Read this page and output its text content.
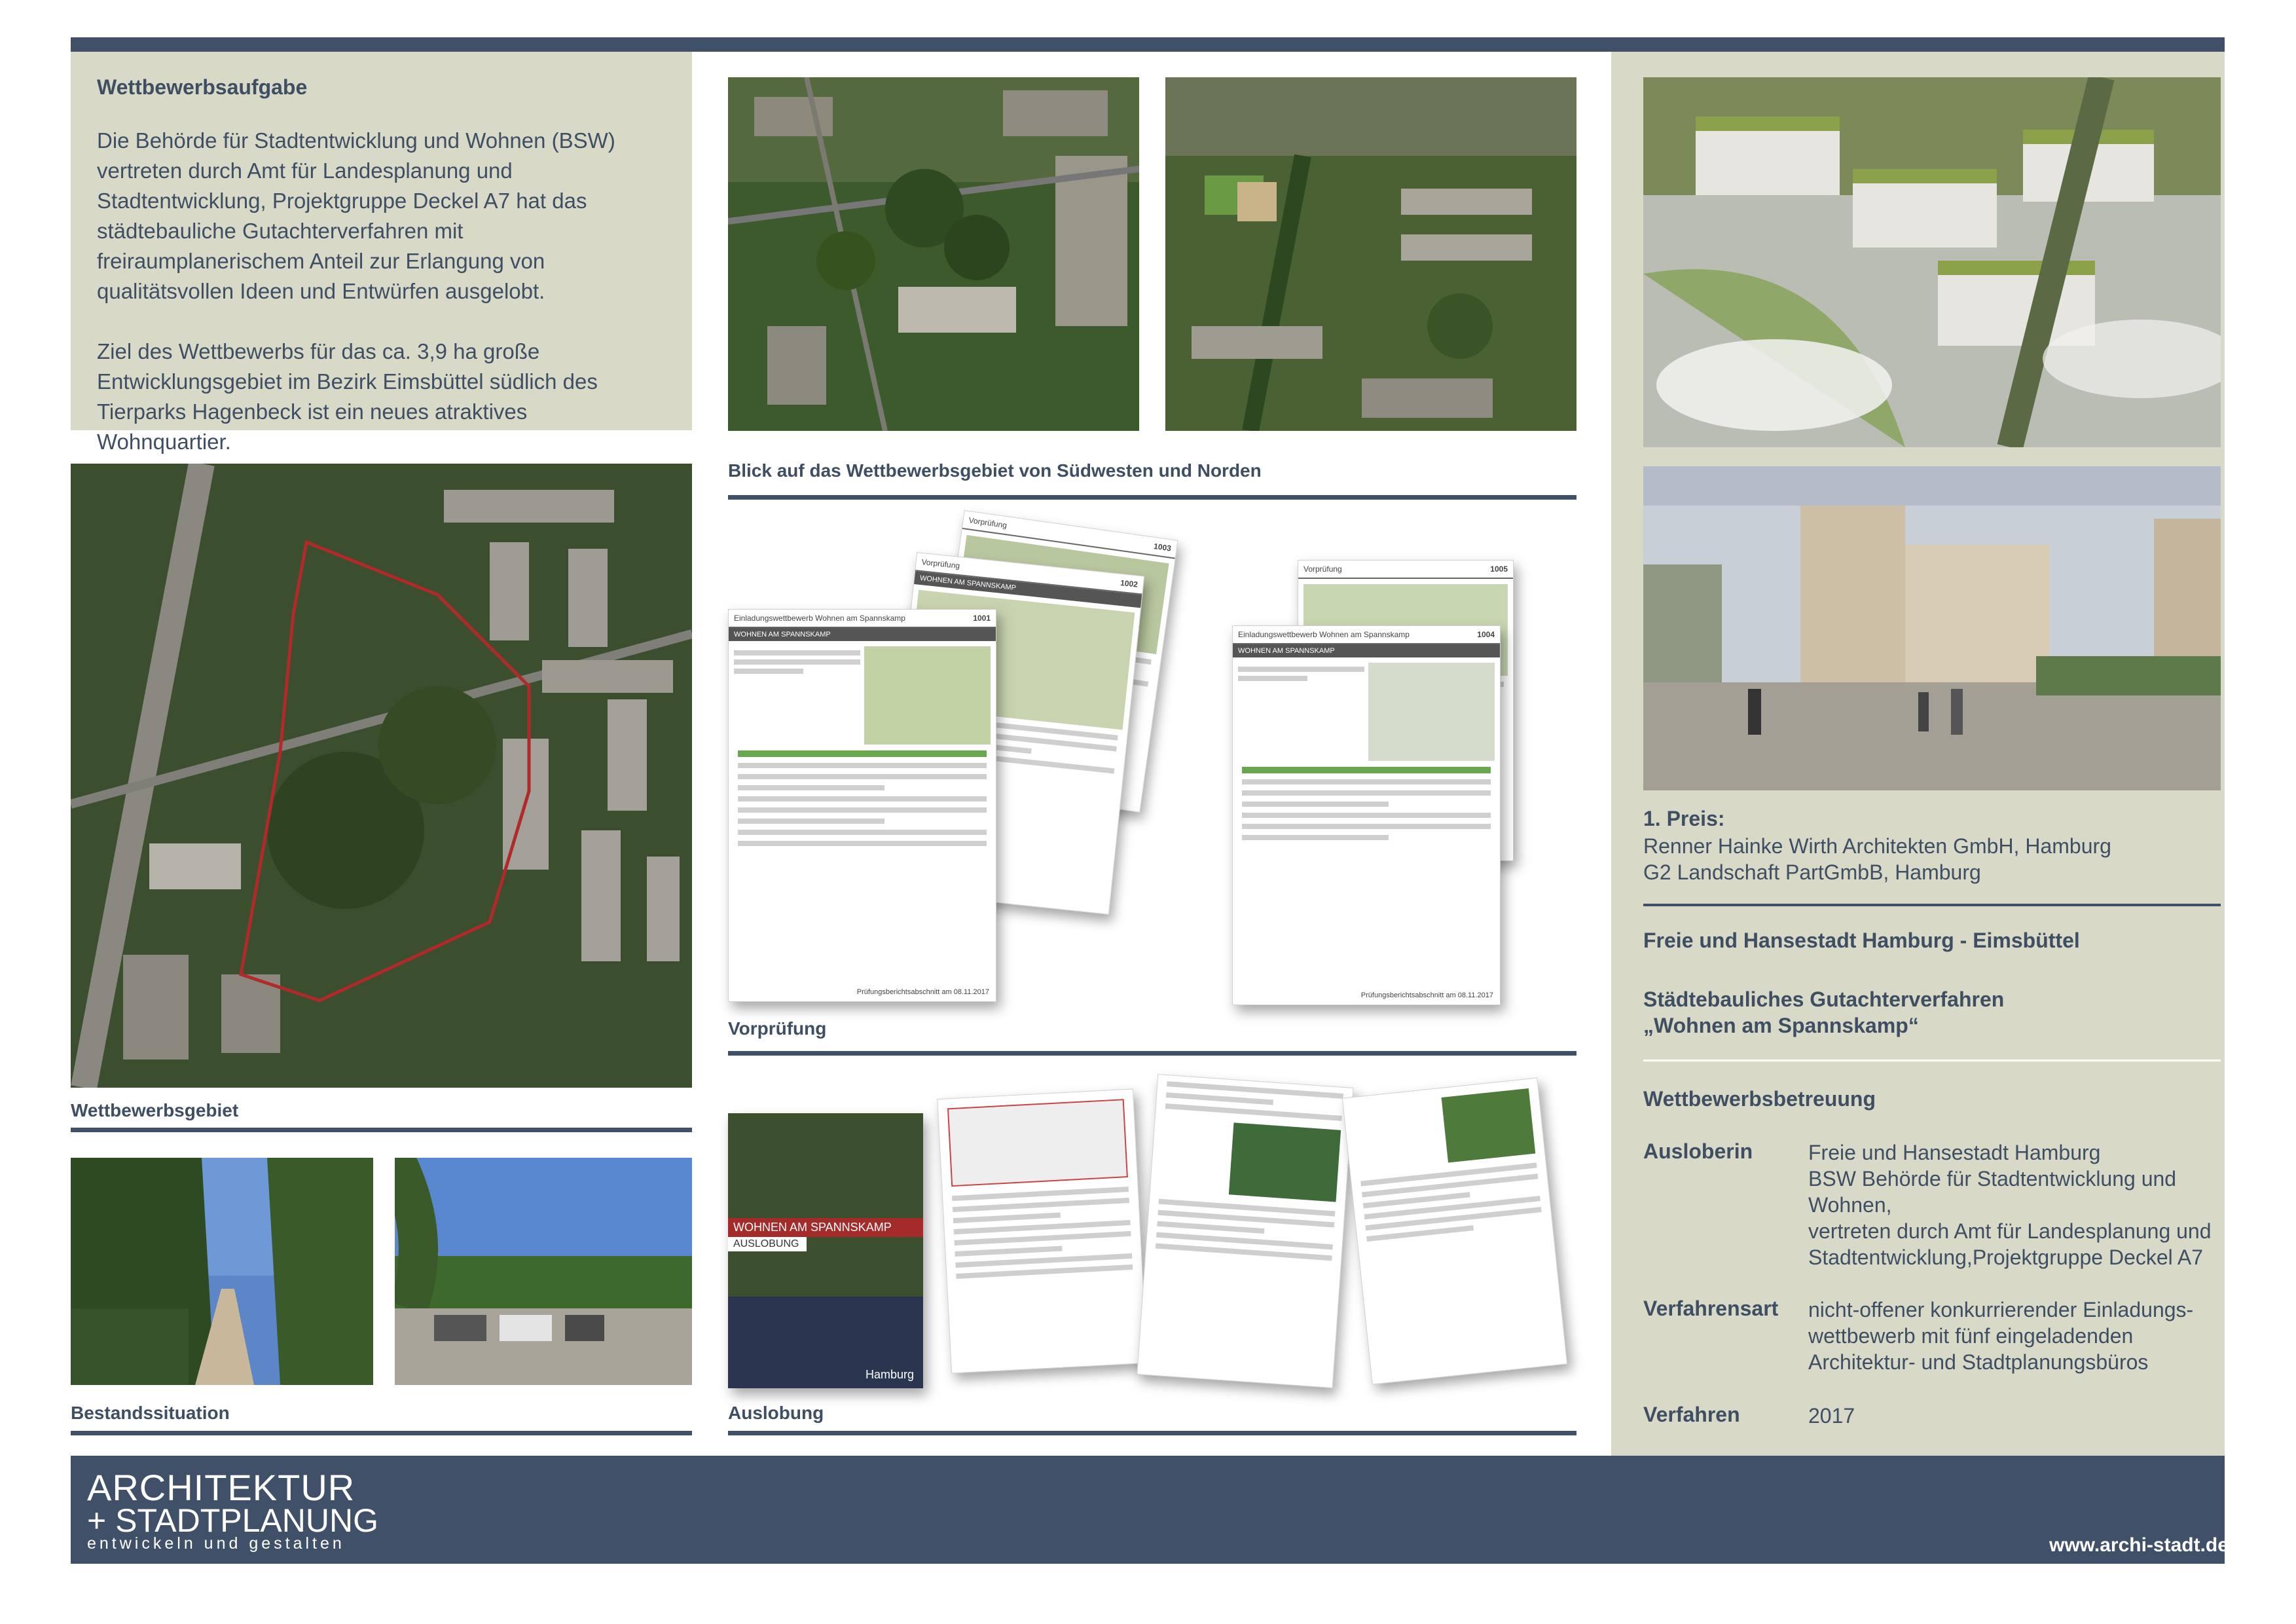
Wettbewerbsaufgabe
Die Behörde für Stadtentwicklung und Wohnen (BSW) vertreten durch Amt für Landesplanung und Stadtentwicklung, Projektgruppe Deckel A7 hat das städtebauliche Gutachterverfahren mit freiraumplanerischem Anteil zur Erlangung von qualitätsvollen Ideen und Entwürfen ausgelobt.
Ziel des Wettbewerbs für das ca. 3,9 ha große Entwicklungsgebiet im Bezirk Eimsbüttel südlich des Tierparks Hagenbeck ist ein neues atraktives Wohnquartier.
Blick auf das Wettbewerbsgebiet von Südwesten und Norden
Wettbewerbsgebiet
Vorprüfung
1003
Vorprüfung
1002
WOHNEN AM SPANNSKAMP
Einladungswettbewerb Wohnen am Spannskamp	1001
WOHNEN AM SPANNSKAMP
Prüfungsberichtsabschnitt am 08.11.2017
Vorprüfung	1005
Einladungswettbewerb Wohnen am Spannskamp	1004
WOHNEN AM SPANNSKAMP
Prüfungsberichtsabschnitt am 08.11.2017
Vorprüfung
Bestandssituation
WOHNEN AM SPANNSKAMP
AUSLOBUNG
Hamburg
Auslobung
1. Preis:
Renner Hainke Wirth Architekten GmbH, Hamburg
G2 Landschaft PartGmbB, Hamburg
Freie und Hansestadt Hamburg - Eimsbüttel
Städtebauliches Gutachterverfahren
„Wohnen am Spannskamp“
Wettbewerbsbetreuung
Ausloberin	Freie und Hansestadt Hamburg
BSW Behörde für Stadtentwicklung und
Wohnen,
vertreten durch Amt für Landesplanung und
Stadtentwicklung,Projektgruppe Deckel A7
Verfahrensart nicht-offener konkurrierender Einladungs-
wettbewerb mit fünf eingeladenden
Architektur- und Stadtplanungsbüros
Verfahren	2017
ARCHITEKTUR
+ STADTPLANUNG
entwickeln und gestalten	www.archi-stadt.de
